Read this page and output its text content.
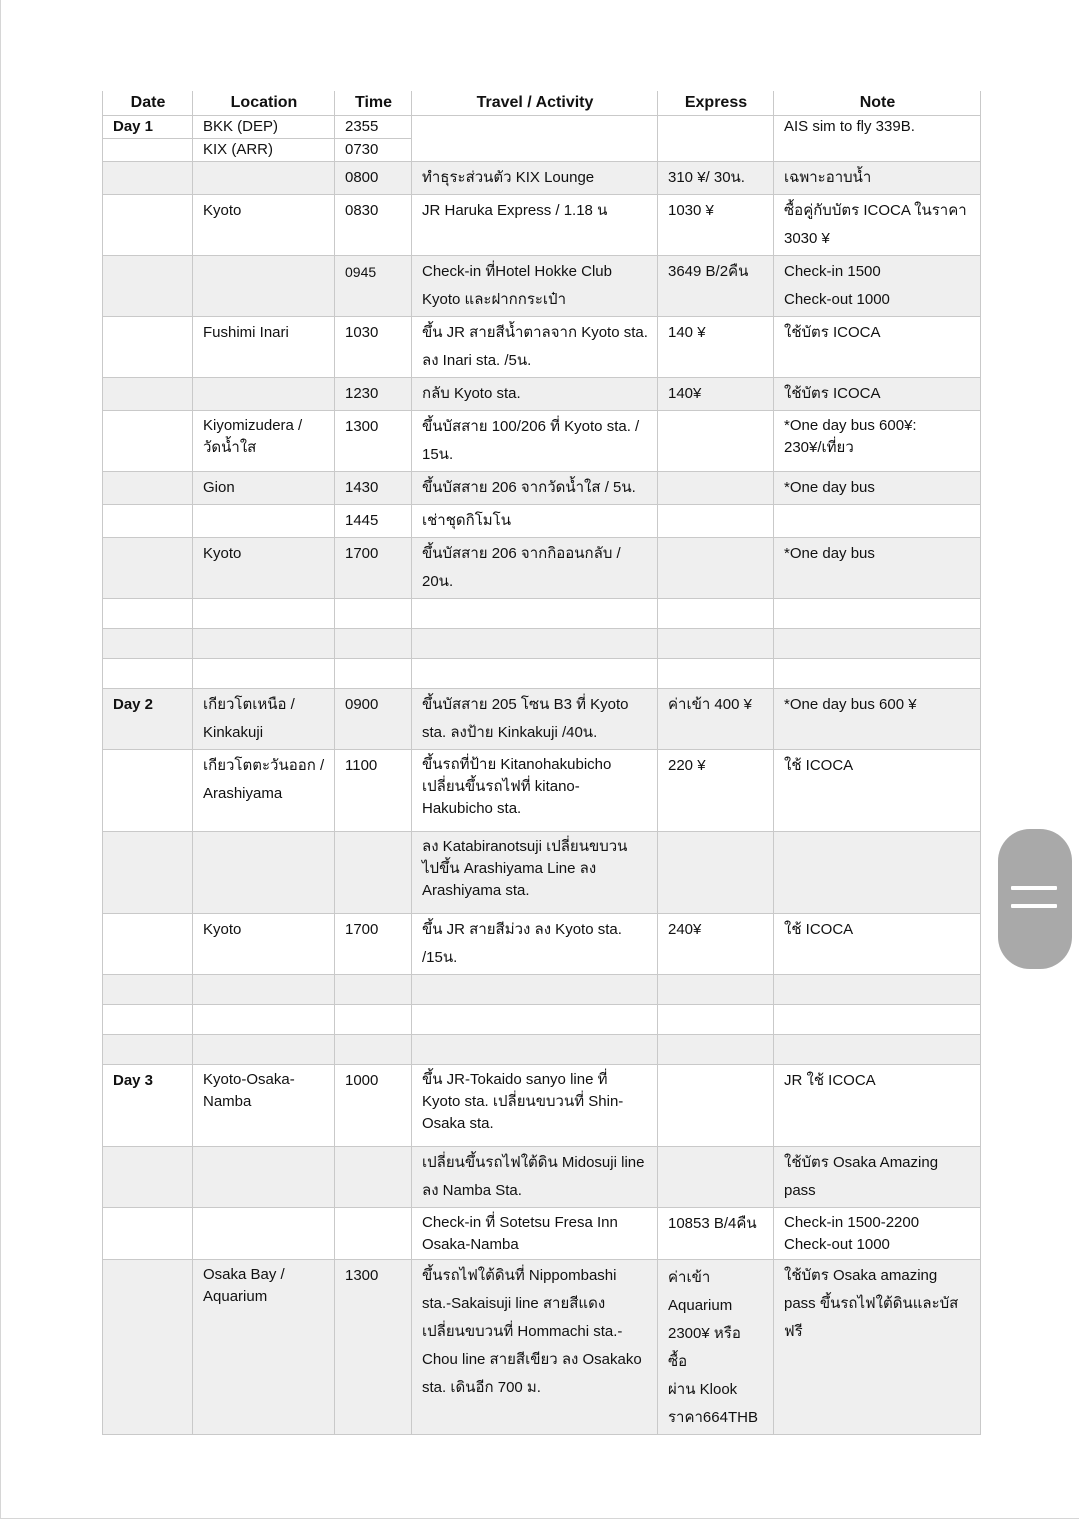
Date	Location	Time	Travel / Activity	Express	Note
Day 1	BKK (DEP)	2355			AIS sim to fly 339B.
	KIX (ARR)	0730			
		0800	ทำธุระส่วนตัว KIX Lounge	310 ¥/ 30น.	เฉพาะอาบน้ำ
	Kyoto	0830	JR Haruka Express / 1.18 น	1030 ¥	ซื้อคู่กับบัตร ICOCA ในราคา
3030 ¥
		0945	Check-in ที่Hotel Hokke Club
Kyoto และฝากกระเป๋า	3649 B/2คืน	Check-in 1500
Check-out 1000
	Fushimi Inari	1030	ขึ้น JR สายสีน้ำตาลจาก Kyoto sta.
ลง Inari sta. /5น.	140 ¥	ใช้บัตร ICOCA
		1230	กลับ Kyoto sta.	140¥	ใช้บัตร ICOCA
	Kiyomizudera /
วัดน้ำใส	1300	ขึ้นบัสสาย 100/206 ที่ Kyoto sta. /
15น.		*One day bus 600¥:
230¥/เที่ยว
	Gion	1430	ขึ้นบัสสาย 206 จากวัดน้ำใส / 5น.		*One day bus
		1445	เช่าชุดกิโมโน		
	Kyoto	1700	ขึ้นบัสสาย 206 จากกิออนกลับ / 20น.		*One day bus

Day 2	เกียวโตเหนือ /
Kinkakuji	0900	ขึ้นบัสสาย 205 โซน B3 ที่ Kyoto
sta. ลงป้าย Kinkakuji /40น.	ค่าเข้า 400 ¥	*One day bus 600 ¥
	เกียวโตตะวันออก /
Arashiyama	1100	ขึ้นรถที่ป้าย Kitanohakubicho
เปลี่ยนขึ้นรถไฟที่ kitano-
Hakubicho sta.	220 ¥	ใช้ ICOCA
			ลง Katabiranotsuji เปลี่ยนขบวน
ไปขึ้น Arashiyama Line ลง
Arashiyama sta.		
	Kyoto	1700	ขึ้น JR สายสีม่วง ลง Kyoto sta.
/15น.	240¥	ใช้ ICOCA

Day 3	Kyoto-Osaka-
Namba	1000	ขึ้น JR-Tokaido sanyo line ที่
Kyoto sta. เปลี่ยนขบวนที่ Shin-
Osaka sta.		JR ใช้ ICOCA
			เปลี่ยนขึ้นรถไฟใต้ดิน Midosuji line
ลง Namba Sta.		ใช้บัตร Osaka Amazing
pass
			Check-in ที่ Sotetsu Fresa Inn
Osaka-Namba	10853 B/4คืน	Check-in 1500-2200
Check-out 1000
	Osaka Bay /
Aquarium	1300	ขึ้นรถไฟใต้ดินที่ Nippombashi
sta.-Sakaisuji line สายสีแดง
เปลี่ยนขบวนที่ Hommachi sta.-
Chou line สายสีเขียว ลง Osakako
sta. เดินอีก 700 ม.	ค่าเข้า
Aquarium
2300¥ หรือ ซื้อ
ผ่าน Klook
ราคา664THB	ใช้บัตร Osaka amazing
pass ขึ้นรถไฟใต้ดินและบัสฟรี
